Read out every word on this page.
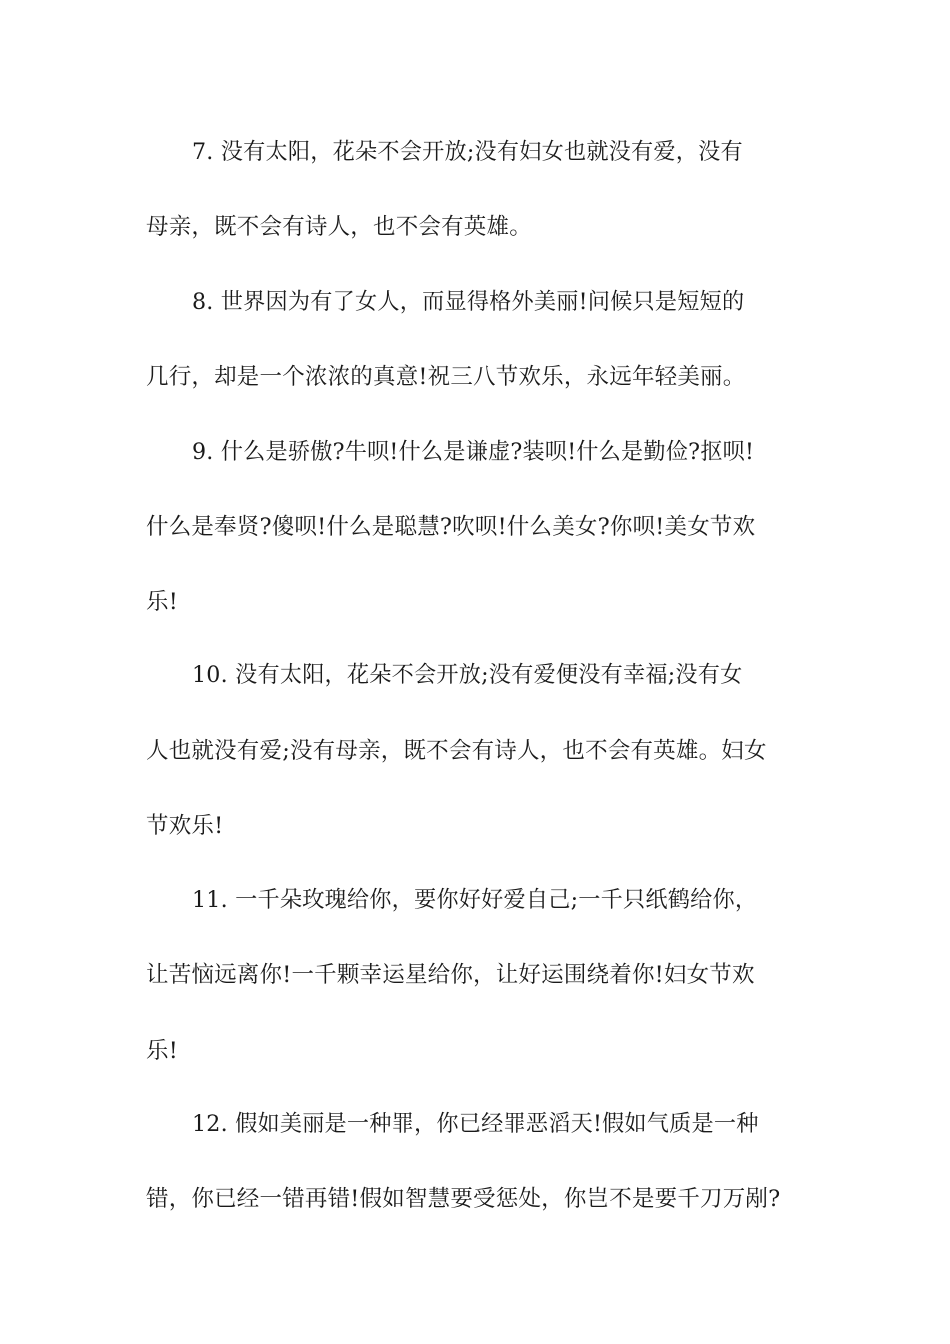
7. 没有太阳，花朵不会开放;没有妇女也就没有爱，没有
母亲，既不会有诗人，也不会有英雄。
8. 世界因为有了女人，而显得格外美丽!问候只是短短的
几行，却是一个浓浓的真意!祝三八节欢乐，永远年轻美丽。
9. 什么是骄傲?牛呗!什么是谦虚?装呗!什么是勤俭?抠呗!
什么是奉贤?傻呗!什么是聪慧?吹呗!什么美女?你呗!美女节欢
乐!
10. 没有太阳，花朵不会开放;没有爱便没有幸福;没有女
人也就没有爱;没有母亲，既不会有诗人，也不会有英雄。妇女
节欢乐!
11. 一千朵玫瑰给你，要你好好爱自己;一千只纸鹤给你，
让苦恼远离你!一千颗幸运星给你，让好运围绕着你!妇女节欢
乐!
12. 假如美丽是一种罪，你已经罪恶滔天!假如气质是一种
错，你已经一错再错!假如智慧要受惩处，你岂不是要千刀万剐?
